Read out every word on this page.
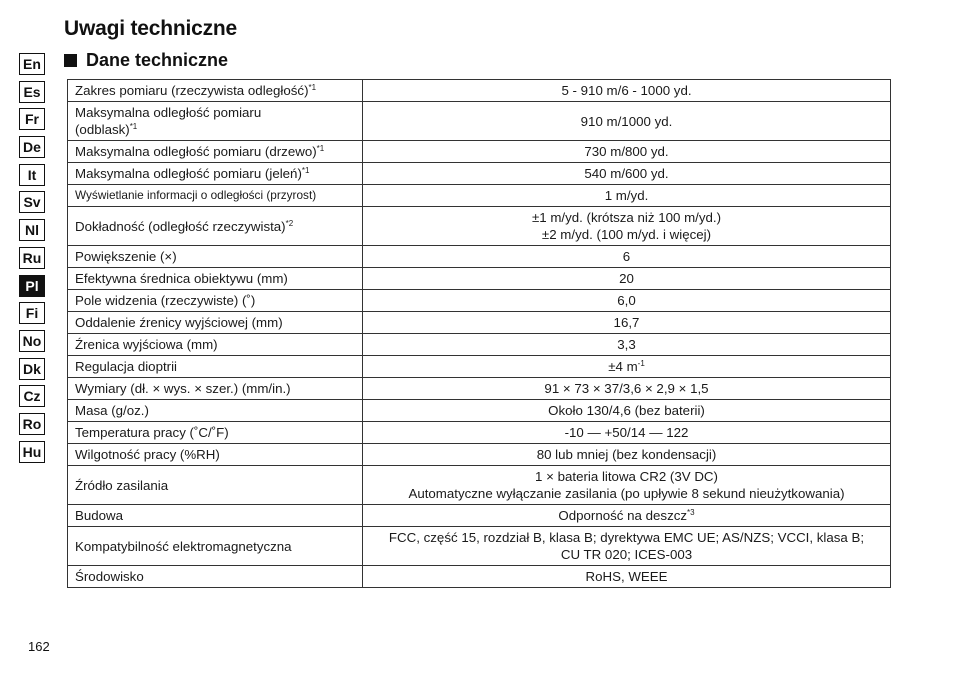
Uwagi techniczne
Dane techniczne
En
Es
Fr
De
It
Sv
Nl
Ru
Pl
Fi
No
Dk
Cz
Ro
Hu
Zakres pomiaru (rzeczywista odległość)$^{*1}$	5 - 910 m/6 - 1000 yd.

Maksymalna odległość pomiaru
(odblask)$^{*1}$	910 m/1000 yd.

Maksymalna odległość pomiaru (drzewo)$^{*1}$	730 m/800 yd.

Maksymalna odległość pomiaru (jeleń)$^{*1}$	540 m/600 yd.

Wyświetlanie informacji o odległości (przyrost)	1 m/yd.

Dokładność (odległość rzeczywista)$^{*2}$	±1 m/yd. (krótsza niż 100 m/yd.)
±2 m/yd. (100 m/yd. i więcej)

Powiększenie (×)	6

Efektywna średnica obiektywu (mm)	20

Pole widzenia (rzeczywiste) (˚)	6,0

Oddalenie źrenicy wyjściowej (mm)	16,7

Źrenica wyjściowa (mm)	3,3

Regulacja dioptrii	±4 $m^{-1}$

Wymiary (dł. × wys. × szer.) (mm/in.)	91 × 73 × 37/3,6 × 2,9 × 1,5

Masa (g/oz.)	Około 130/4,6 (bez baterii)

Temperatura pracy (˚C/˚F)	-10 — +50/14 — 122

Wilgotność pracy (%RH)	80 lub mniej (bez kondensacji)

Źródło zasilania	1 × bateria litowa CR2 (3V DC)
Automatyczne wyłączanie zasilania (po upływie 8 sekund nieużytkowania)

Budowa	Odporność na deszcz$^{*3}$

Kompatybilność elektromagnetyczna	FCC, część 15, rozdział B, klasa B; dyrektywa EMC UE; AS/NZS; VCCI, klasa B;
CU TR 020; ICES-003

Środowisko	RoHS, WEEE
162
